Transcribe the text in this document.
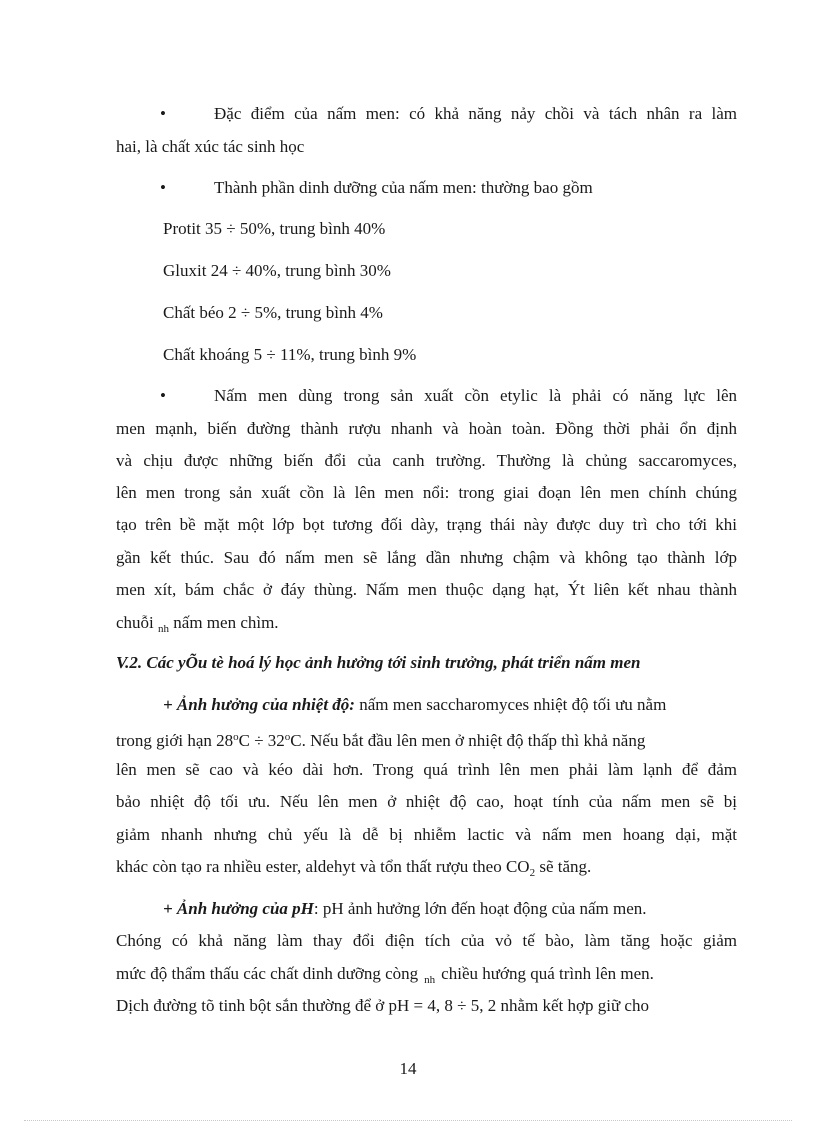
•	Đặc điểm của nấm men: có khả năng nảy chồi và tách nhân ra làm
hai, là chất xúc tác sinh học
•	Thành phần dinh dưỡng của nấm men: thường bao gồm
Protit 35 ÷ 50%, trung bình 40%
Gluxit 24 ÷ 40%, trung bình 30%
Chất béo 2 ÷ 5%, trung bình 4%
Chất khoáng 5 ÷ 11%, trung bình 9%
•	Nấm men dùng trong sản xuất cồn etylic là phải có năng lực lên
men mạnh, biến đường thành rượu nhanh và hoàn toàn. Đồng thời phải ổn định
và chịu được những biến đổi của canh trường. Thường là chủng saccaromyces,
lên men trong sản xuất cồn là lên men nổi: trong giai đoạn lên men chính chúng
tạo trên bề mặt một lớp bọt tương đối dày, trạng thái này được duy trì cho tới khi
gần kết thúc. Sau đó nấm men sẽ lắng dần nhưng chậm và không tạo thành lớp
men xít, bám chắc ở đáy thùng. Nấm men thuộc dạng hạt, Ýt liên kết nhau thành
chuỗi $_{nh}$ nấm men chìm.
V.2. Các yÕu tè hoá lý học ảnh hưởng tới sinh trưởng, phát triển nấm men
+ Ảnh hưởng của nhiệt độ: nấm men saccharomyces nhiệt độ tối ưu nằm
trong giới hạn $28^oC \div 32^oC$. Nếu bắt đầu lên men ở nhiệt độ thấp thì khả năng
lên men sẽ cao và kéo dài hơn. Trong quá trình lên men phải làm lạnh để đảm
bảo nhiệt độ tối ưu. Nếu lên men ở nhiệt độ cao, hoạt tính của nấm men sẽ bị
giảm nhanh nhưng chủ yếu là dễ bị nhiễm lactic và nấm men hoang dại, mặt
khác còn tạo ra nhiều ester, aldehyt và tổn thất rượu theo $CO_2$ sẽ tăng.
+ Ảnh hưởng của pH: pH ảnh hưởng lớn đến hoạt động của nấm men.
Chóng có khả năng làm thay đổi điện tích của vỏ tế bào, làm tăng hoặc giảm
mức độ thẩm thấu các chất dinh dưỡng còng $_{nh}$ chiều hướng quá trình lên men.
Dịch đường tõ tinh bột sắn thường để ở pH = 4, 8 ÷ 5, 2 nhằm kết hợp giữ cho
14
